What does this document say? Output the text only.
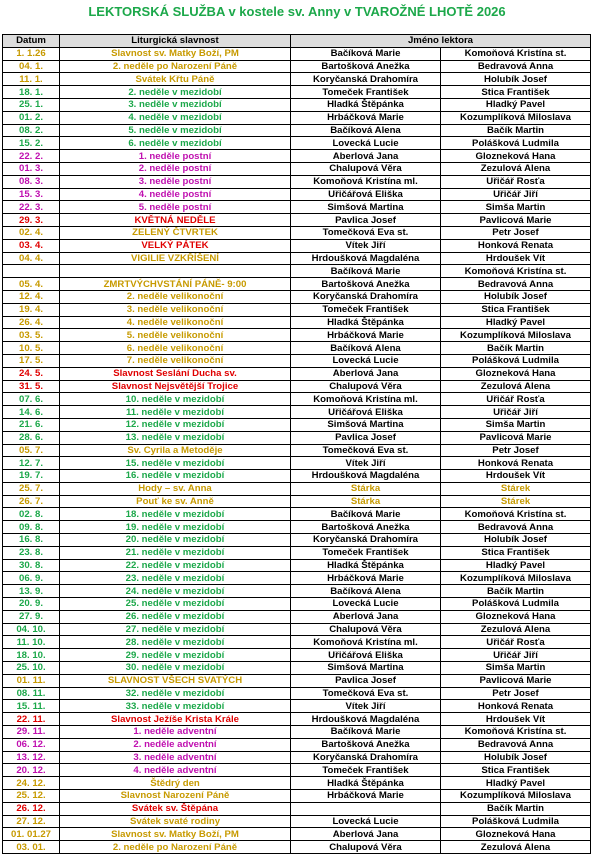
LEKTORSKÁ SLUŽBA v kostele sv. Anny v TVAROŽNÉ LHOTĚ 2026
Datum	Liturgická slavnost	Jméno lektora	
1. 1.26	Slavnost sv. Matky Boží, PM	Bačíková Marie	Komoňová Kristína st.
04. 1.	2. neděle po Narození Páně	Bartošková Anežka	Bedravová Anna
11. 1.	Svátek Křtu Páně	Koryčanská Drahomíra	Holubík Josef
18. 1.	2. neděle v mezidobí	Tomeček František	Stica František
25. 1.	3. neděle v mezidobí	Hladká Štěpánka	Hladký Pavel
01. 2.	4. neděle v mezidobí	Hrbáčková Marie	Kozumplíková Miloslava
08. 2.	5. neděle v mezidobí	Bačíková Alena	Bačík Martin
15. 2.	6. neděle v mezidobí	Lovecká Lucie	Polášková Ludmila
22. 2.	1. neděle postní	Aberlová Jana	Glozneková Hana
01. 3.	2. neděle postní	Chalupová Věra	Zezulová Alena
08. 3.	3. neděle postní	Komoňová Kristína ml.	Uřičář Rosťa
15. 3.	4. neděle postní	Uřičářová Eliška	Uřičář Jiří
22. 3.	5. neděle postní	Simšová Martina	Simša Martin
29. 3.	KVĚTNÁ NEDĚLE	Pavlica Josef	Pavlicová Marie
02. 4.	ZELENÝ ČTVRTEK	Tomečková Eva st.	Petr Josef
03. 4.	VELKÝ PÁTEK	Vítek Jiří	Honková Renata
04. 4.	VIGILIE VZKŘÍŠENÍ	Hrdoušková Magdaléna	Hrdoušek Vít
		Bačíková Marie	Komoňová Kristína st.
05. 4.	ZMRTVÝCHVSTÁNÍ PÁNĚ- 9:00	Bartošková Anežka	Bedravová Anna
12. 4.	2. neděle velikonoční	Koryčanská Drahomíra	Holubík Josef
19. 4.	3. neděle velikonoční	Tomeček František	Stica František
26. 4.	4. neděle velikonoční	Hladká Štěpánka	Hladký Pavel
03. 5.	5. neděle velikonoční	Hrbáčková Marie	Kozumplíková Miloslava
10. 5.	6. neděle velikonoční	Bačíková Alena	Bačík Martin
17. 5.	7. neděle velikonoční	Lovecká Lucie	Polášková Ludmila
24. 5.	Slavnost Seslání Ducha sv.	Aberlová Jana	Glozneková Hana
31. 5.	Slavnost Nejsvětější Trojice	Chalupová Věra	Zezulová Alena
07. 6.	10. neděle v mezidobí	Komoňová Kristína ml.	Uřičář Rosťa
14. 6.	11. neděle v mezidobí	Uřičářová Eliška	Uřičář Jiří
21. 6.	12. neděle v mezidobí	Simšová Martina	Simša Martin
28. 6.	13. neděle v mezidobí	Pavlica Josef	Pavlicová Marie
05. 7.	Sv. Cyrila a Metoděje	Tomečková Eva st.	Petr Josef
12. 7.	15. neděle v mezidobí	Vítek Jiří	Honková Renata
19. 7.	16. neděle v mezidobí	Hrdoušková Magdaléna	Hrdoušek Vít
25. 7.	Hody – sv. Anna	Stárka	Stárek
26. 7.	Pouť ke sv. Anně	Stárka	Stárek
02. 8.	18. neděle v mezidobí	Bačíková Marie	Komoňová Kristína st.
09. 8.	19. neděle v mezidobí	Bartošková Anežka	Bedravová Anna
16. 8.	20. neděle v mezidobí	Koryčanská Drahomíra	Holubík Josef
23. 8.	21. neděle v mezidobí	Tomeček František	Stica František
30. 8.	22. neděle v mezidobí	Hladká Štěpánka	Hladký Pavel
06. 9.	23. neděle v mezidobí	Hrbáčková Marie	Kozumplíková Miloslava
13. 9.	24. neděle v mezidobí	Bačíková Alena	Bačík Martin
20. 9.	25. neděle v mezidobí	Lovecká Lucie	Polášková Ludmila
27. 9.	26. neděle v mezidobí	Aberlová Jana	Glozneková Hana
04. 10.	27. neděle v mezidobí	Chalupová Věra	Zezulová Alena
11. 10.	28. neděle v mezidobí	Komoňová Kristína ml.	Uřičář Rosťa
18. 10.	29. neděle v mezidobí	Uřičářová Eliška	Uřičář Jiří
25. 10.	30. neděle v mezidobí	Simšová Martina	Simša Martin
01. 11.	SLAVNOST VŠECH SVATÝCH	Pavlica Josef	Pavlicová Marie
08. 11.	32. neděle v mezidobí	Tomečková Eva st.	Petr Josef
15. 11.	33. neděle v mezidobí	Vítek Jiří	Honková Renata
22. 11.	Slavnost Ježíše Krista Krále	Hrdoušková Magdaléna	Hrdoušek Vít
29. 11.	1. neděle adventní	Bačíková Marie	Komoňová Kristína st.
06. 12.	2. neděle adventní	Bartošková Anežka	Bedravová Anna
13. 12.	3. neděle adventní	Koryčanská Drahomíra	Holubík Josef
20. 12.	4. neděle adventní	Tomeček František	Stica František
24. 12.	Štědrý den	Hladká Štěpánka	Hladký Pavel
25. 12.	Slavnost Narození Páně	Hrbáčková Marie	Kozumplíková Miloslava
26. 12.	Svátek sv. Štěpána		Bačík Martin
27. 12.	Svátek svaté rodiny	Lovecká Lucie	Polášková Ludmila
01. 01.27	Slavnost sv. Matky Boží, PM	Aberlová Jana	Glozneková Hana
03. 01.	2. neděle po Narození Páně	Chalupová Věra	Zezulová Alena
